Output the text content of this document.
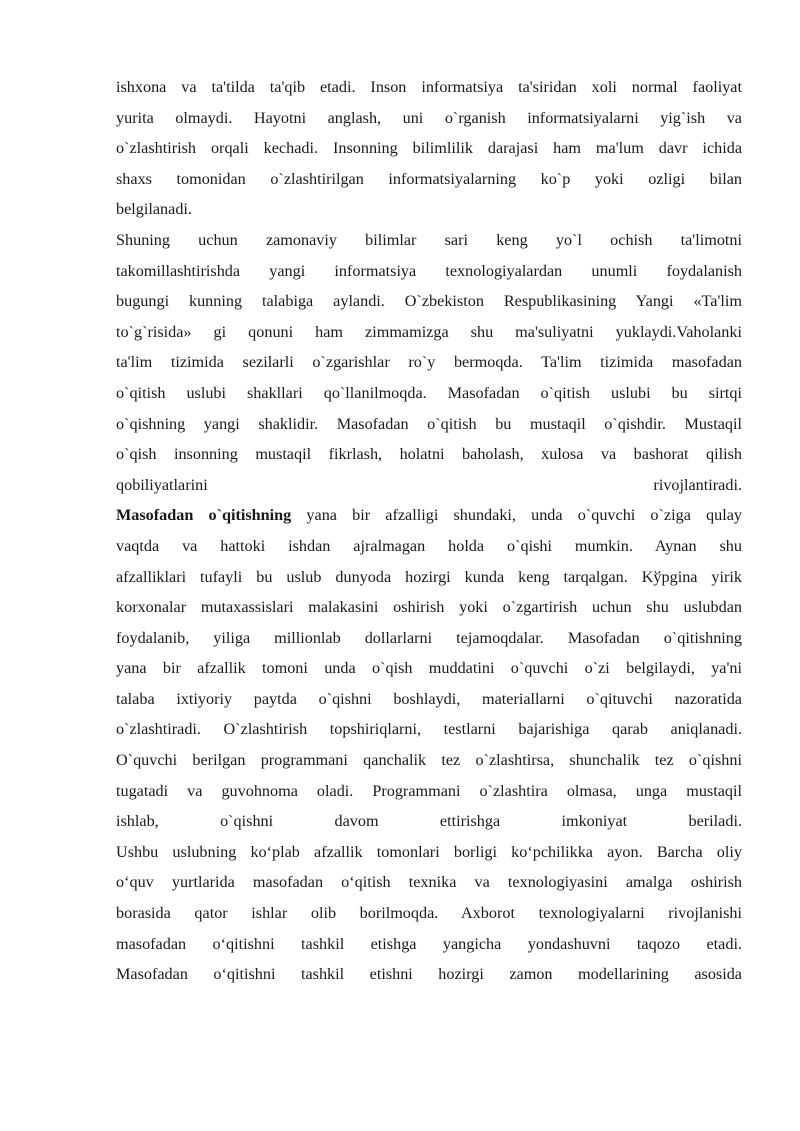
ishxona va ta'tilda ta'qib etadi. Inson informatsiya ta'siridan xoli normal faoliyat
yurita olmaydi. Hayotni anglash, uni o`rganish informatsiyalarni yig`ish va
o`zlashtirish orqali kechadi. Insonning bilimlilik darajasi ham ma'lum davr ichida
shaxs tomonidan o`zlashtirilgan informatsiyalarning ko`p yoki ozligi bilan
belgilanadi.
Shuning uchun zamonaviy bilimlar sari keng yo`l ochish ta'limotni
takomillashtirishda yangi informatsiya texnologiyalardan unumli foydalanish
bugungi kunning talabiga aylandi. O`zbekiston Respublikasining Yangi «Ta'lim
to`g`risida» gi qonuni ham zimmamizga shu ma'suliyatni yuklaydi.Vaholanki
ta'lim tizimida sezilarli o`zgarishlar ro`y bermoqda. Ta'lim tizimida masofadan
o`qitish uslubi shakllari qo`llanilmoqda. Masofadan o`qitish uslubi bu sirtqi
o`qishning yangi shaklidir. Masofadan o`qitish bu mustaqil o`qishdir. Mustaqil
o`qish insonning mustaqil fikrlash, holatni baholash, xulosa va bashorat qilish
qobiliyatlarini rivojlantiradi.
Masofadan o`qitishning yana bir afzalligi shundaki, unda o`quvchi o`ziga qulay
vaqtda va hattoki ishdan ajralmagan holda o`qishi mumkin. Aynan shu
afzalliklari tufayli bu uslub dunyoda hozirgi kunda keng tarqalgan. Kўpgina yirik
korxonalar mutaxassislari malakasini oshirish yoki o`zgartirish uchun shu uslubdan
foydalanib, yiliga millionlab dollarlarni tejamoqdalar. Masofadan o`qitishning
yana bir afzallik tomoni unda o`qish muddatini o`quvchi o`zi belgilaydi, ya'ni
talaba ixtiyoriy paytda o`qishni boshlaydi, materiallarni o`qituvchi nazoratida
o`zlashtiradi. O`zlashtirish topshiriqlarni, testlarni bajarishiga qarab aniqlanadi.
O`quvchi berilgan programmani qanchalik tez o`zlashtirsa, shunchalik tez o`qishni
tugatadi va guvohnoma oladi. Programmani o`zlashtira olmasa, unga mustaqil
ishlab, o`qishni davom ettirishga imkoniyat beriladi.
Ushbu uslubning ko‘plab afzallik tomonlari borligi ko‘pchilikka ayon. Barcha oliy
o‘quv yurtlarida masofadan o‘qitish texnika va texnologiyasini amalga oshirish
borasida qator ishlar olib borilmoqda. Axborot texnologiyalarni rivojlanishi
masofadan o‘qitishni tashkil etishga yangicha yondashuvni taqozo etadi.
Masofadan o‘qitishni tashkil etishni hozirgi zamon modellarining asosida
